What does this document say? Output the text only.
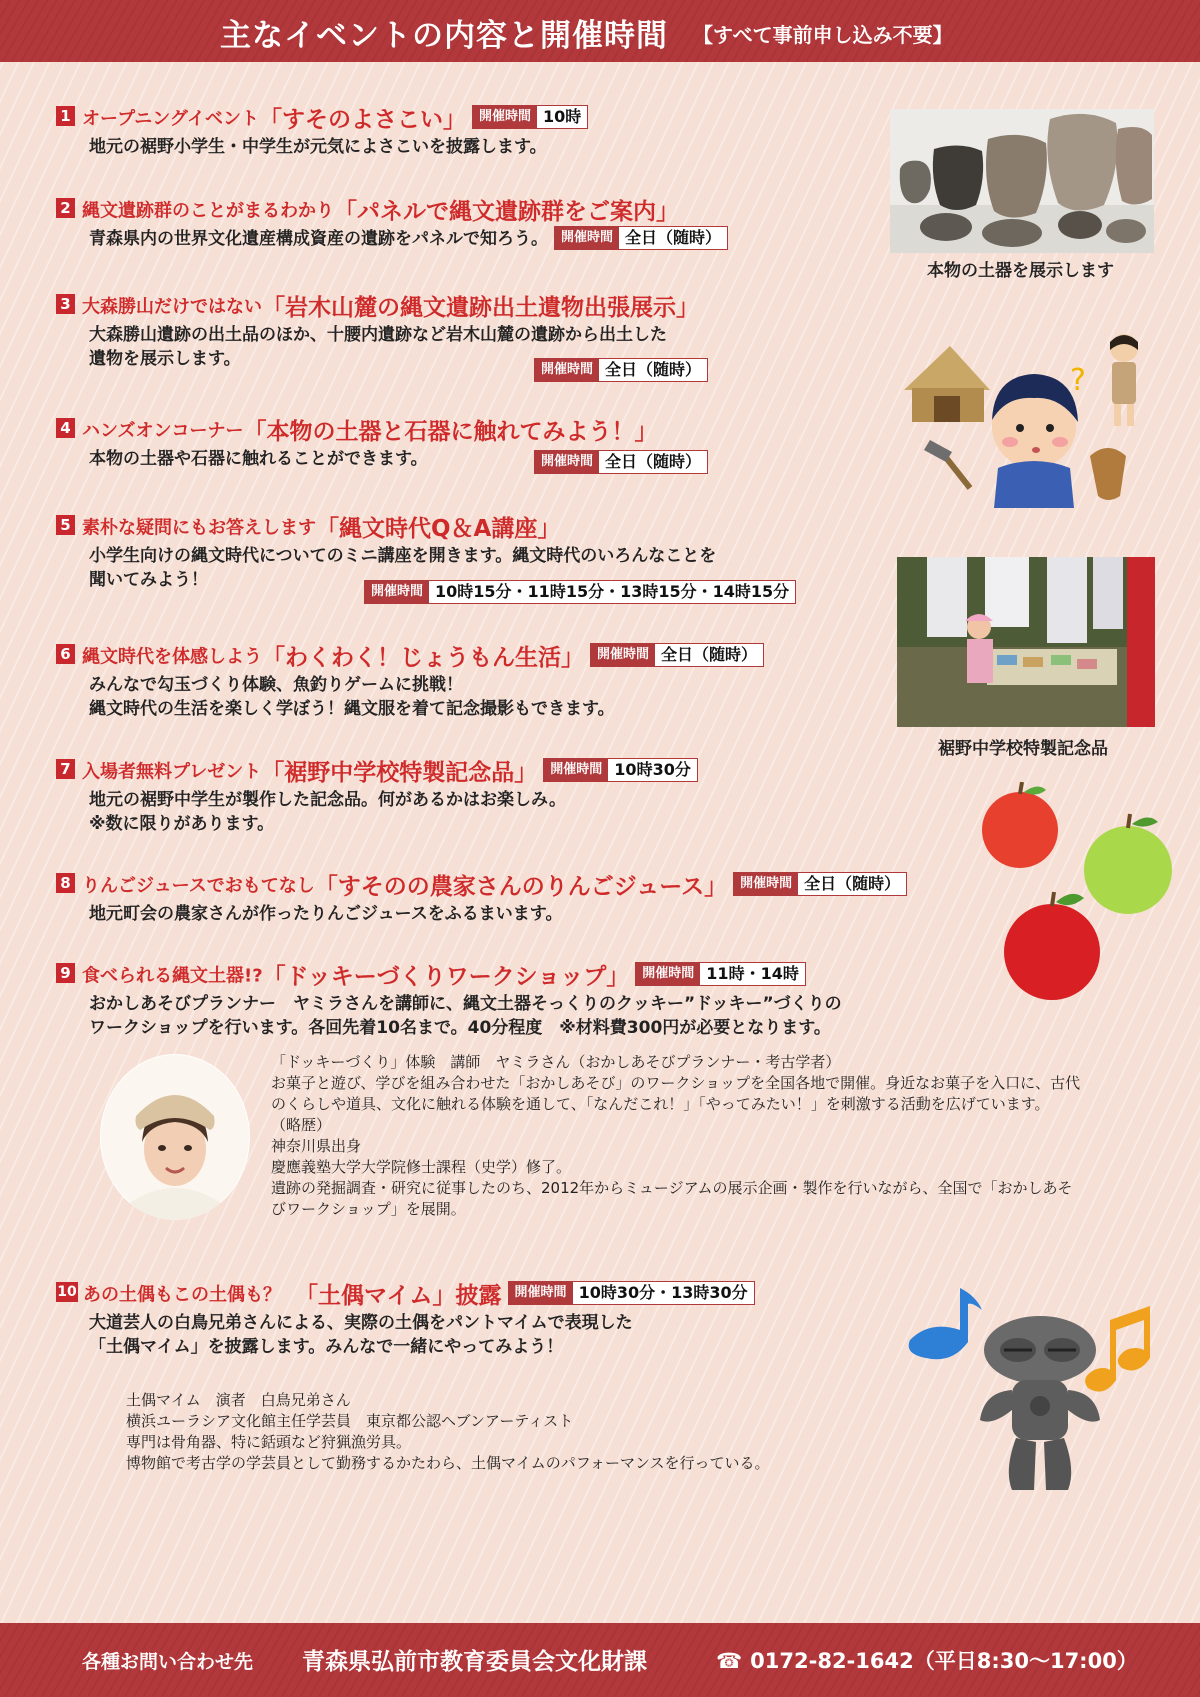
主なイベントの内容と開催時間 【すべて事前申し込み不要】
1 オープニングイベント「すそのよさこい」 開催時間 10時
地元の裾野小学生・中学生が元気によさこいを披露します。
2 縄文遺跡群のことがまるわかり「パネルで縄文遺跡群をご案内」
青森県内の世界文化遺産構成資産の遺跡をパネルで知ろう。 開催時間 全日（随時）
3 大森勝山だけではない「岩木山麓の縄文遺跡出土遺物出張展示」
大森勝山遺跡の出土品のほか、十腰内遺跡など岩木山麓の遺跡から出土した
遺物を展示します。
開催時間 全日（随時）
4 ハンズオンコーナー「本物の土器と石器に触れてみよう！」
本物の土器や石器に触れることができます。	開催時間 全日（随時）
5 素朴な疑問にもお答えします「縄文時代Q＆A講座」
小学生向けの縄文時代についてのミニ講座を開きます。縄文時代のいろんなことを
聞いてみよう！
開催時間 10時15分・11時15分・13時15分・14時15分
6 縄文時代を体感しよう「わくわく！じょうもん生活」 開催時間 全日（随時）
みんなで勾玉づくり体験、魚釣りゲームに挑戦！
縄文時代の生活を楽しく学ぼう！縄文服を着て記念撮影もできます。
7 入場者無料プレゼント「裾野中学校特製記念品」 開催時間 10時30分
地元の裾野中学生が製作した記念品。何があるかはお楽しみ。
※数に限りがあります。
8 りんごジュースでおもてなし「すそのの農家さんのりんごジュース」 開催時間 全日（随時）
地元町会の農家さんが作ったりんごジュースをふるまいます。
9 食べられる縄文土器!?「ドッキーづくりワークショップ」 開催時間 11時・14時
おかしあそびプランナー　ヤミラさんを講師に、縄文土器そっくりのクッキー”ドッキー”づくりの
ワークショップを行います。各回先着10名まで。40分程度　※材料費300円が必要となります。
「ドッキーづくり」体験　講師　ヤミラさん（おかしあそびプランナー・考古学者）
お菓子と遊び、学びを組み合わせた「おかしあそび」のワークショップを全国各地で開催。身近なお菓子を入口に、古代
のくらしや道具、文化に触れる体験を通して、「なんだこれ！」「やってみたい！」を刺激する活動を広げています。
（略歴）
神奈川県出身
慶應義塾大学大学院修士課程（史学）修了。
遺跡の発掘調査・研究に従事したのち、2012年からミュージアムの展示企画・製作を行いながら、全国で「おかしあそ
びワークショップ」を展開。
10 あの土偶もこの土偶も？ 「土偶マイム」披露 開催時間 10時30分・13時30分
大道芸人の白鳥兄弟さんによる、実際の土偶をパントマイムで表現した
「土偶マイム」を披露します。みんなで一緒にやってみよう！
土偶マイム　演者　白鳥兄弟さん
横浜ユーラシア文化館主任学芸員　東京都公認ヘブンアーティスト
専門は骨角器、特に銛頭など狩猟漁労具。
博物館で考古学の学芸員として勤務するかたわら、土偶マイムのパフォーマンスを行っている。
本物の土器を展示します
?
裾野中学校特製記念品
各種お問い合わせ先 青森県弘前市教育委員会文化財課	☎ 0172-82-1642（平日8:30～17:00）
